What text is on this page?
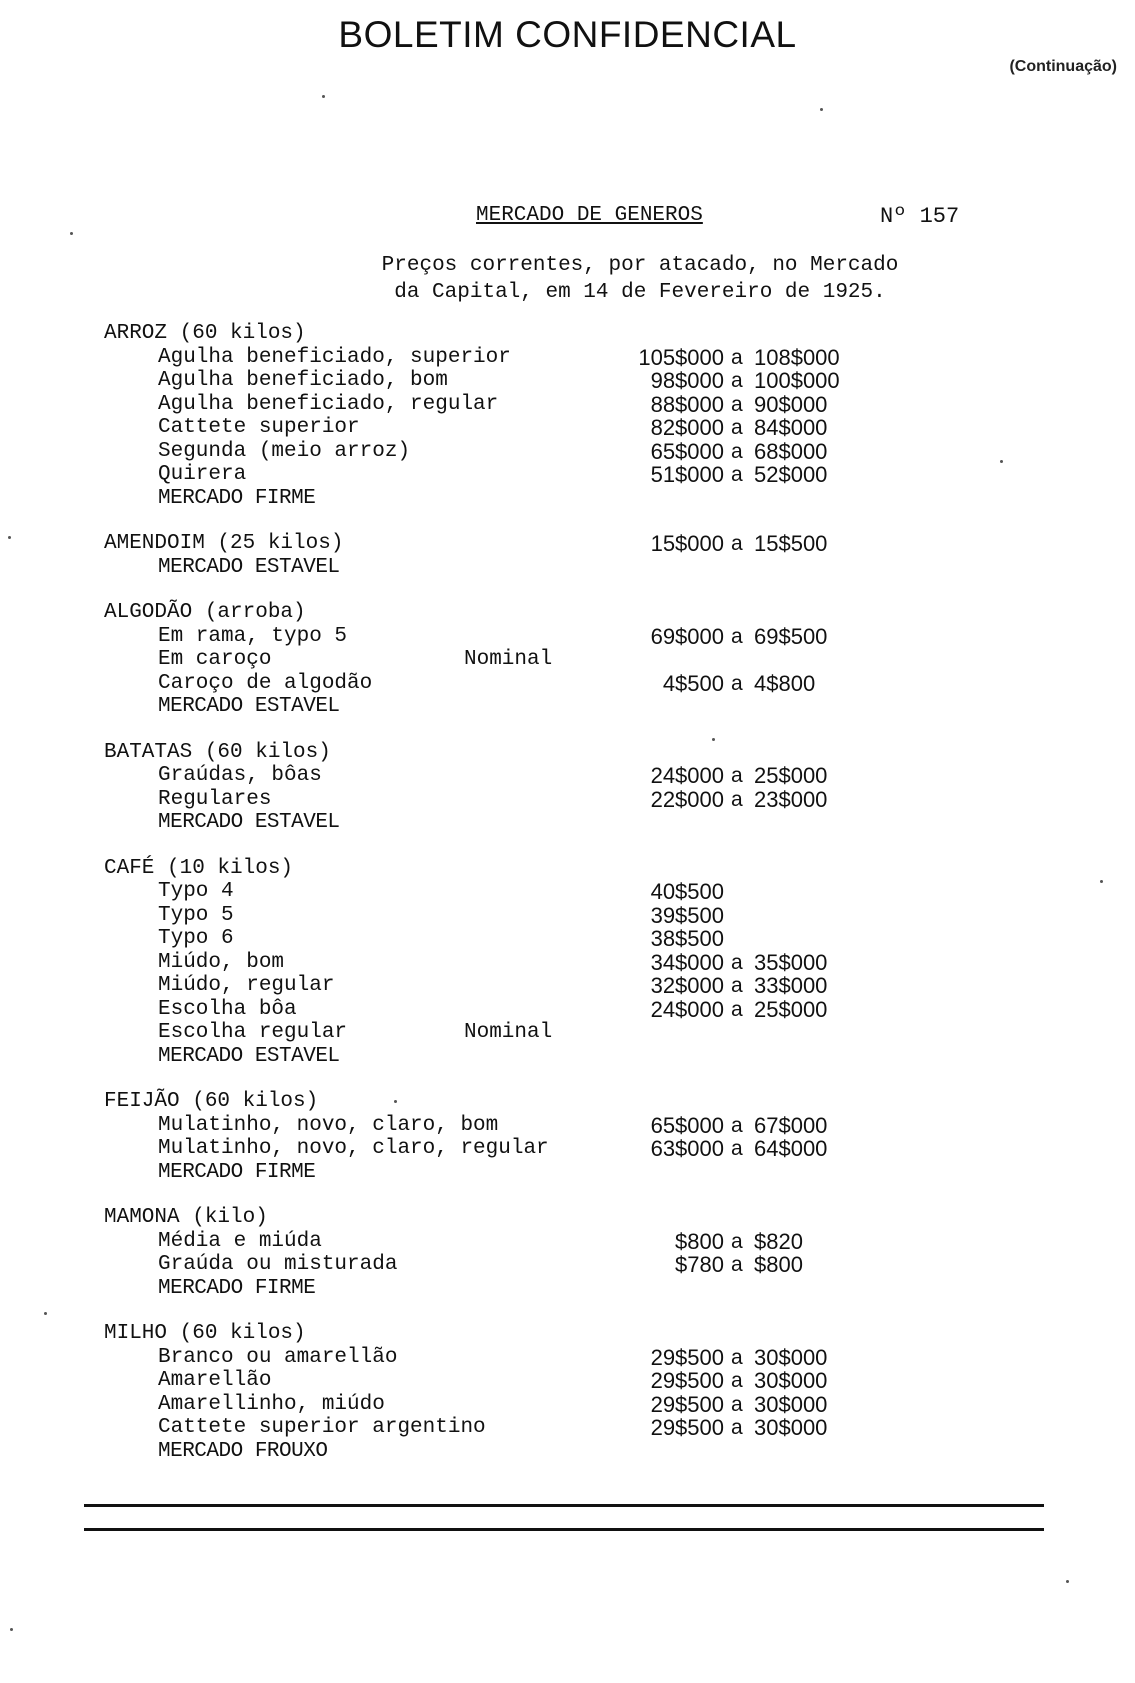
BOLETIM CONFIDENCIAL
(Continuação)
MERCADO DE GENEROS	Nº 157
Preços correntes, por atacado, no Mercado
da Capital, em 14 de Fevereiro de 1925.
ARROZ (60 kilos)
Agulha beneficiado, superior	105$000 a 108$000
Agulha beneficiado, bom	98$000 a 100$000
Agulha beneficiado, regular	88$000 a 90$000
Cattete superior	82$000 a 84$000
Segunda (meio arroz)	65$000 a 68$000
Quirera	51$000 a 52$000
MERCADO FIRME
AMENDOIM (25 kilos)	15$000 a 15$500
MERCADO ESTAVEL
ALGODÃO (arroba)
Em rama, typo 5	69$000 a 69$500
Em caroço	Nominal
Caroço de algodão	4$500 a 4$800
MERCADO ESTAVEL
BATATAS (60 kilos)
Graúdas, bôas	24$000 a 25$000
Regulares	22$000 a 23$000
MERCADO ESTAVEL
CAFÉ (10 kilos)
Typo 4	40$500
Typo 5	39$500
Typo 6	38$500
Miúdo, bom	34$000 a 35$000
Miúdo, regular	32$000 a 33$000
Escolha bôa	24$000 a 25$000
Escolha regular	Nominal
MERCADO ESTAVEL
FEIJÃO (60 kilos)
Mulatinho, novo, claro, bom	65$000 a 67$000
Mulatinho, novo, claro, regular	63$000 a 64$000
MERCADO FIRME
MAMONA (kilo)
Média e miúda	$800 a $820
Graúda ou misturada	$780 a $800
MERCADO FIRME
MILHO (60 kilos)
Branco ou amarellão	29$500 a 30$000
Amarellão	29$500 a 30$000
Amarellinho, miúdo	29$500 a 30$000
Cattete superior argentino	29$500 a 30$000
MERCADO FROUXO
